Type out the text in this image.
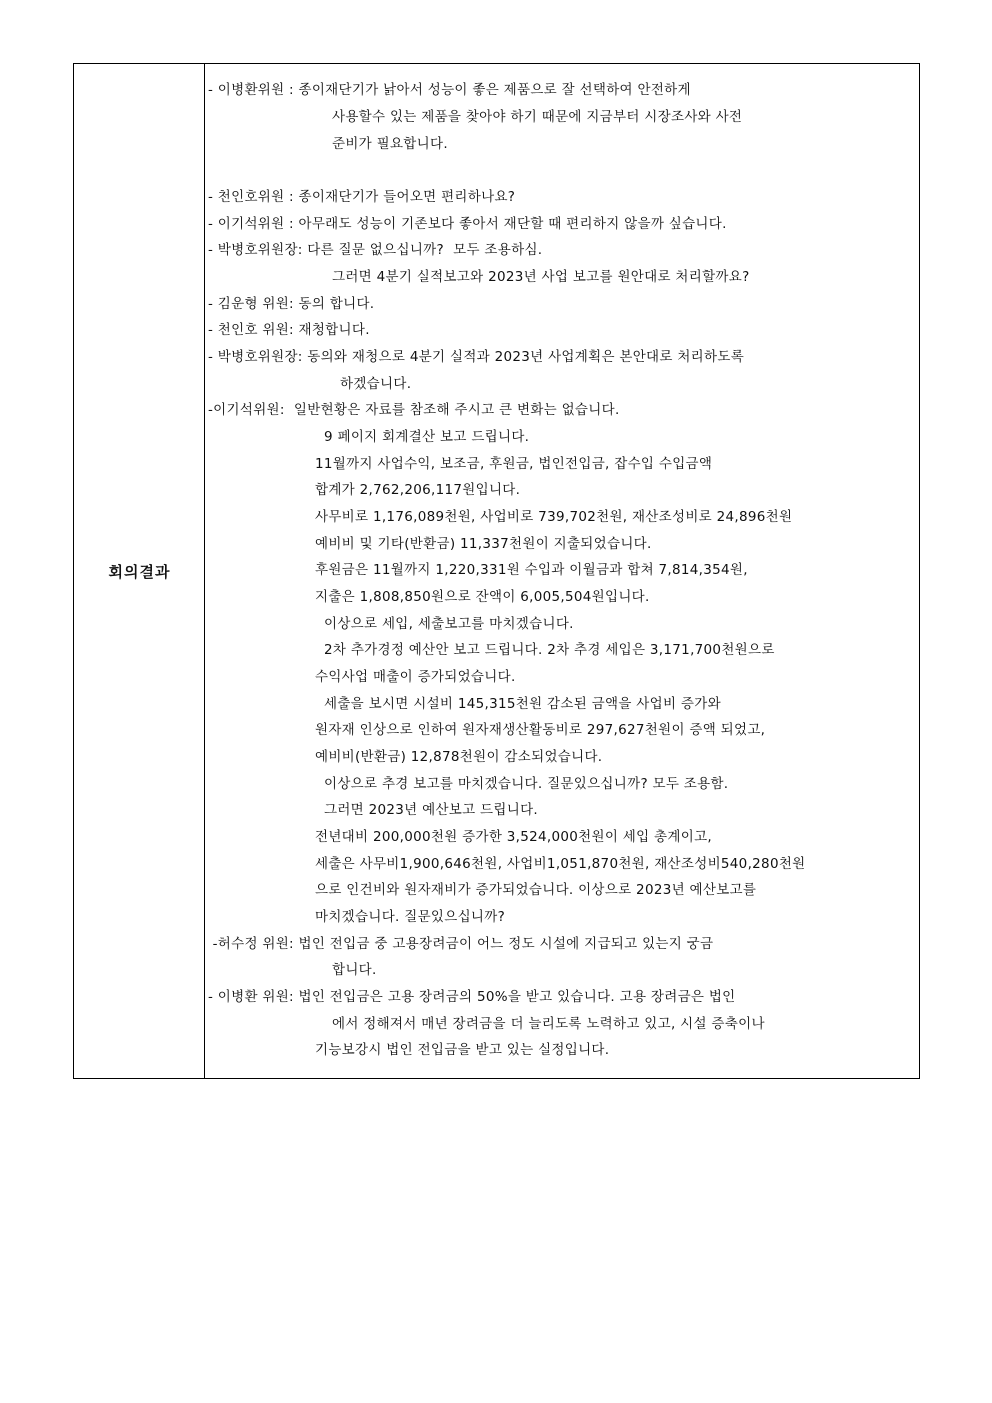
회의결과
- 이병환위원 : 종이재단기가 낡아서 성능이 좋은 제품으로 잘 선택하여 안전하게
사용할수 있는 제품을 찾아야 하기 때문에 지금부터 시장조사와 사전
준비가 필요합니다.
- 천인호위원 : 종이재단기가 들어오면 편리하나요?
- 이기석위원 : 아무래도 성능이 기존보다 좋아서 재단할 때 편리하지 않을까 싶습니다.
- 박병호위원장: 다른 질문 없으십니까?  모두 조용하심.
그러면 4분기 실적보고와 2023년 사업 보고를 원안대로 처리할까요?
- 김운형 위원: 동의 합니다.
- 천인호 위원: 재청합니다.
- 박병호위원장: 동의와 재청으로 4분기 실적과 2023년 사업계획은 본안대로 처리하도록
하겠습니다.
-이기석위원:  일반현황은 자료를 참조해 주시고 큰 변화는 없습니다.
9 페이지 회계결산 보고 드립니다.
11월까지 사업수익, 보조금, 후원금, 법인전입금, 잡수입 수입금액
합계가 2,762,206,117원입니다.
사무비로 1,176,089천원, 사업비로 739,702천원, 재산조성비로 24,896천원
예비비 및 기타(반환금) 11,337천원이 지출되었습니다.
후원금은 11월까지 1,220,331원 수입과 이월금과 합쳐 7,814,354원,
지출은 1,808,850원으로 잔액이 6,005,504원입니다.
이상으로 세입, 세출보고를 마치겠습니다.
2차 추가경정 예산안 보고 드립니다. 2차 추경 세입은 3,171,700천원으로
수익사업 매출이 증가되었습니다.
세출을 보시면 시설비 145,315천원 감소된 금액을 사업비 증가와
원자재 인상으로 인하여 원자재생산활동비로 297,627천원이 증액 되었고,
예비비(반환금) 12,878천원이 감소되었습니다.
이상으로 추경 보고를 마치겠습니다. 질문있으십니까? 모두 조용함.
그러면 2023년 예산보고 드립니다.
전년대비 200,000천원 증가한 3,524,000천원이 세입 총계이고,
세출은 사무비1,900,646천원, 사업비1,051,870천원, 재산조성비540,280천원
으로 인건비와 원자재비가 증가되었습니다. 이상으로 2023년 예산보고를
마치겠습니다. 질문있으십니까?
-허수정 위원: 법인 전입금 중 고용장려금이 어느 정도 시설에 지급되고 있는지 궁금
합니다.
- 이병환 위원: 법인 전입금은 고용 장려금의 50%을 받고 있습니다. 고용 장려금은 법인
에서 정해져서 매년 장려금을 더 늘리도록 노력하고 있고, 시설 증축이나
기능보강시 법인 전입금을 받고 있는 실정입니다.
